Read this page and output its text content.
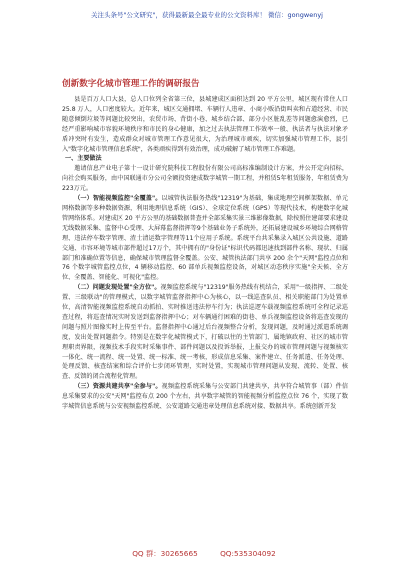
关注头条号"公文研究"，获得最新最全最专业的公文资料库！ 微信：gongwenyj
创新数字化城市管理工作的调研报告

县是百万人口大县，总人口位列全省第三位，县城建成区面积达到 20 平方公里，城区现有常住人口 25.8 万人，人口密度较大。近年来，城区交通拥堵、车辆行人违章、小商小贩沿街叫卖和占道经营、市民随意倾倒垃圾等问题比较突出，农贸市场、背街小巷、城乡结合部、部分小区脏乱差等问题愈演愈烈，已经严重影响城市容貌环境秩序和市民的身心健康，加之过去执法管理工作效率一般、执法者与执法对象矛盾冲突时有发生，造成群众对城市管理工作意见很大，为治理城市顽疾，切实加强城市管理工作，县引入"数字化城市管理信息系统"，各类顽疾得到有效治理，成功破解了城市管理工作难题。

一、主要做法

邀请信息产业电子第十一设计研究院科技工程股份有限公司高标准编制设计方案，并公开定向招标，向社会购买服务，由中国联通市分公司全额投资建成数字城管一期工程，并租赁5年租赁服务，年租赁费为223万元。

（一）智能视频监控"全覆盖"。以城管执法服务热线"12319"为基础，集成地理空间框架数据、单元网格数据等多种数据资源，利用地理信息系统（GIS）、全球定位系统（GPS）等现代技术，构建数字化城管网络体系。对建成区 20 平方公里的基础数据普查并全部采集实景三维影像数据，除按照住建部要求建设无线数据采集、监督中心受理、大屏幕监督指挥等9个基础业务子系统外，还拓展建设城乡环境综合网格管理、违法停车数字管理、渣土清运数字管理等11个应用子系统。系统平台共采集录入城区公共设施、道路交通、市容环境等城市部件超过17万个，其中拥有的"身份证"标识代码都迅速找到部件名称、现状、归属部门和准确位置等信息，确保城市管理监督全覆盖。公安、城管执法部门共享 200 余个"天网"监控点位和 76 个数字城管监控点位，4 辆移动监控、60 部单兵视频监控设备，对城区动态秩序实施"全天候、全方位、全覆盖、智能化、可视化"监控。

（二）问题发现处置"全方位"。视频监控系统与"12319"服务热线有机结合，采用"一级指挥、二级处置、三级联动"的管理模式，以数字城管监督指挥中心为核心，以一线巡查队员、相关职能部门为处置单位，高清智能视频监控系统自动抓拍、实时推送违法停车行为；执法巡逻车载视频监控系统可全程记录巡查过程，将巡查情况实时发送到监督指挥中心；对车辆通行困难的街巷、单兵视频监控设备将巡查发现的问题与照片图像实时上传至平台。监督指挥中心通过后台视频整合分析，发现问题，及时通过派遣系统调度，发出处置问题指令。特别是在数字化城管模式下，打破以往的主管部门、属地镇政府、社区的城市管理职责界限，视频技术手段实时采集事件、部件问题以及投诉举报，上报交办的城市管理问题与视频核实一体化、统一流程、统一处置、统一标准、统一考核，形成信息采集、案件建立、任务派遣、任务处理、处理反馈、核查结案和综合评价七步闭环管理，实时处置，实现城市管理问题从发现、流转、处置、核查、反馈的闭合流程化管理。

（三）资源共建共享"全参与"。视频监控系统采集与公安部门共建共享，共享符合城管事（部）件信息采集要求的公安"天网"监控布点 200 个左右，共享数字城管的智能视频分析监控点位 76 个，实现了数字城管信息系统与公安视频监控系统、公安道路交通违章处理信息系统对接、数据共享。系统创新开发

QQ 群：30265665	QQ:535304092
